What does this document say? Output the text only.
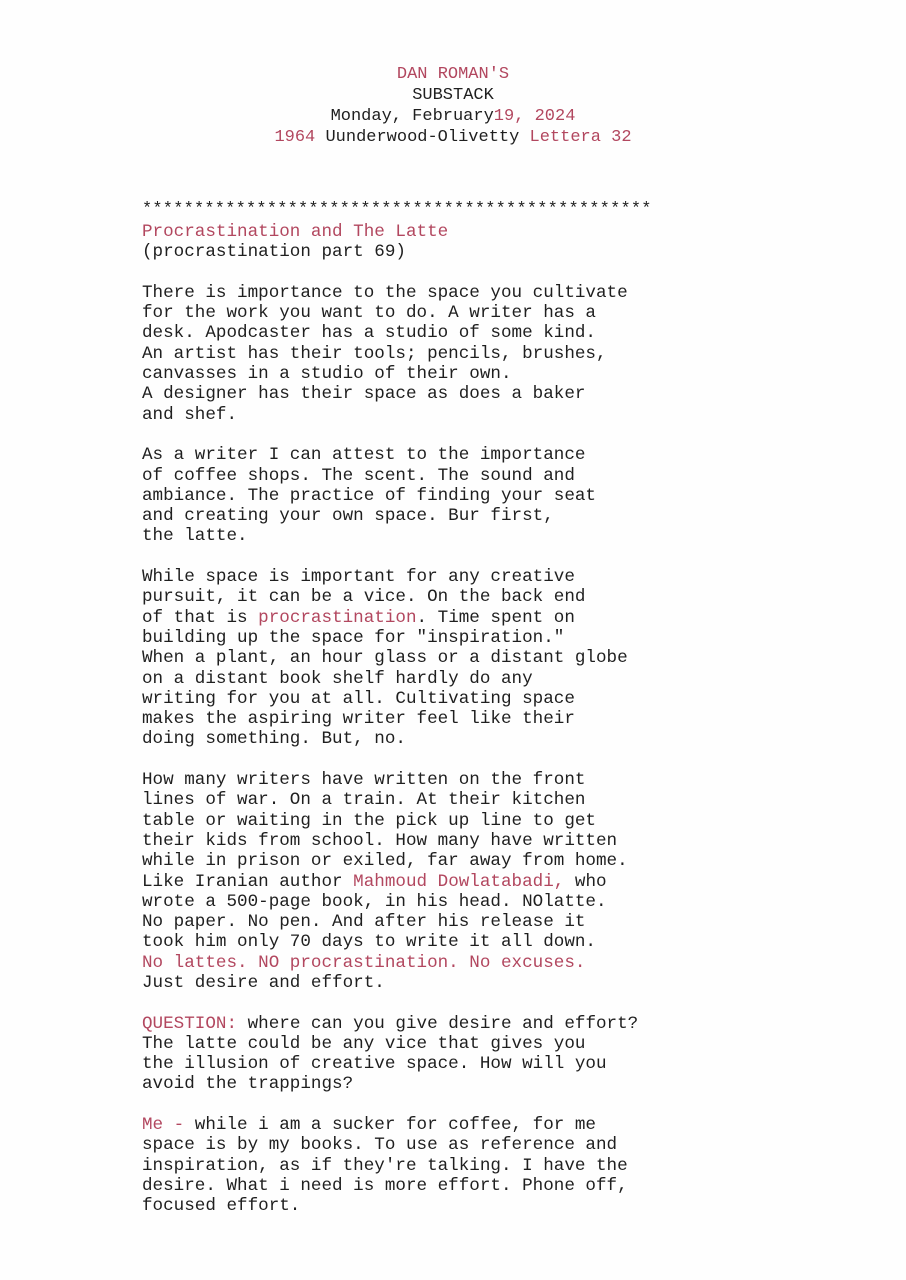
DAN ROMAN'S
SUBSTACK
Monday, February19, 2024
1964 Uunderwood-Olivetty Lettera 32
*************************************************
Procrastination and The Latte
(procrastination part 69)
There is importance to the space you cultivate
for the work you want to do. A writer has a
desk. Apodcaster has a studio of some kind.
An artist has their tools; pencils, brushes,
canvasses in a studio of their own.
A designer has their space as does a baker
and shef.
As a writer I can attest to the importance
of coffee shops. The scent. The sound and
ambiance. The practice of finding your seat
and creating your own space. Bur first,
the latte.
While space is important for any creative
pursuit, it can be a vice. On the back end
of that is procrastination. Time spent on
building up the space for "inspiration."
When a plant, an hour glass or a distant globe
on a distant book shelf hardly do any
writing for you at all. Cultivating space
makes the aspiring writer feel like their
doing something. But, no.
How many writers have written on the front
lines of war. On a train. At their kitchen
table or waiting in the pick up line to get
their kids from school. How many have written
while in prison or exiled, far away from home.
Like Iranian author Mahmoud Dowlatabadi, who
wrote a 500-page book, in his head. NOlatte.
No paper. No pen. And after his release it
took him only 70 days to write it all down.
No lattes. NO procrastination. No excuses.
Just desire and effort.
QUESTION: where can you give desire and effort?
The latte could be any vice that gives you
the illusion of creative space. How will you
avoid the trappings?
Me - while i am a sucker for coffee, for me
space is by my books. To use as reference and
inspiration, as if they're talking. I have the
desire. What i need is more effort. Phone off,
focused effort.
